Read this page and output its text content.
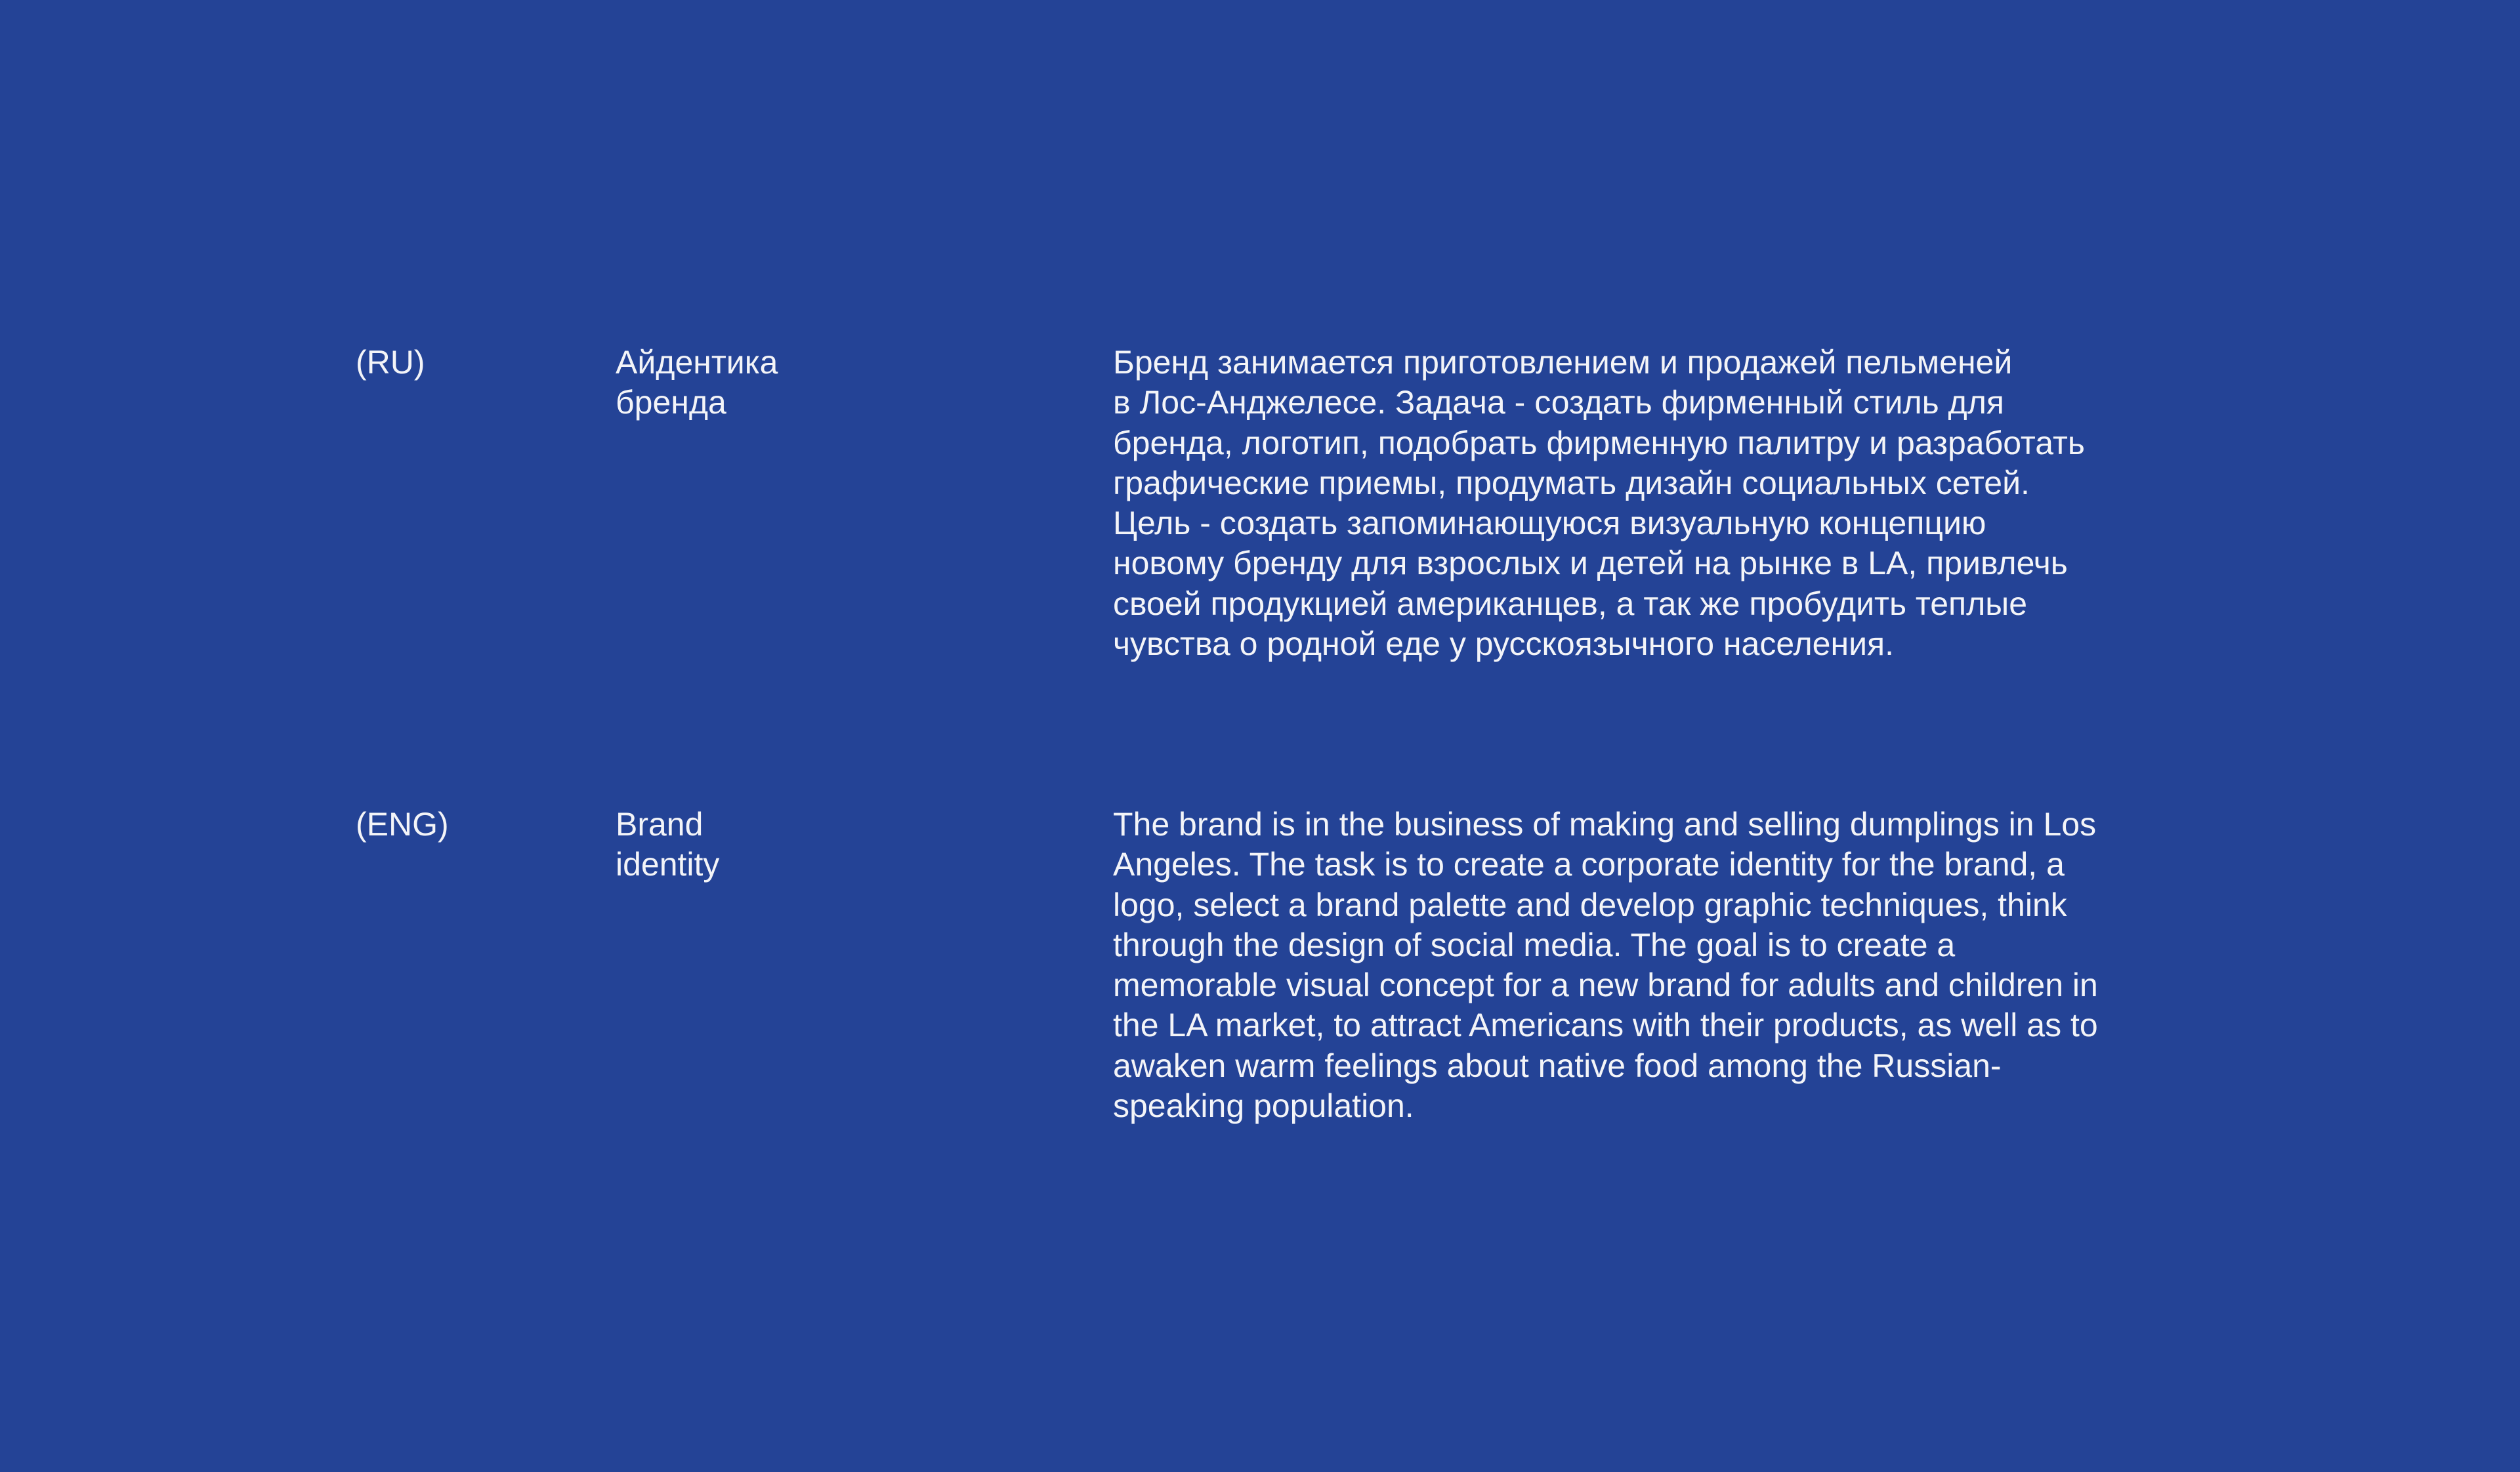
(RU)	Айдентика
бренда

Бренд занимается приготовлением и продажей пельменей
в Лос-Анджелесе. Задача - создать фирменный стиль для
бренда, логотип, подобрать фирменную палитру и разработать
графические приемы, продумать дизайн социальных сетей.
Цель - создать запоминающуюся визуальную концепцию
новому бренду для взрослых и детей на рынке в LA, привлечь
своей продукцией американцев, а так же пробудить теплые
чувства о родной еде у русскоязычного населения.

(ENG)	Brand
identity

The brand is in the business of making and selling dumplings in Los
Angeles. The task is to create a corporate identity for the brand, a
logo, select a brand palette and develop graphic techniques, think
through the design of social media. The goal is to create a
memorable visual concept for a new brand for adults and children in
the LA market, to attract Americans with their products, as well as to
awaken warm feelings about native food among the Russian-
speaking population.
